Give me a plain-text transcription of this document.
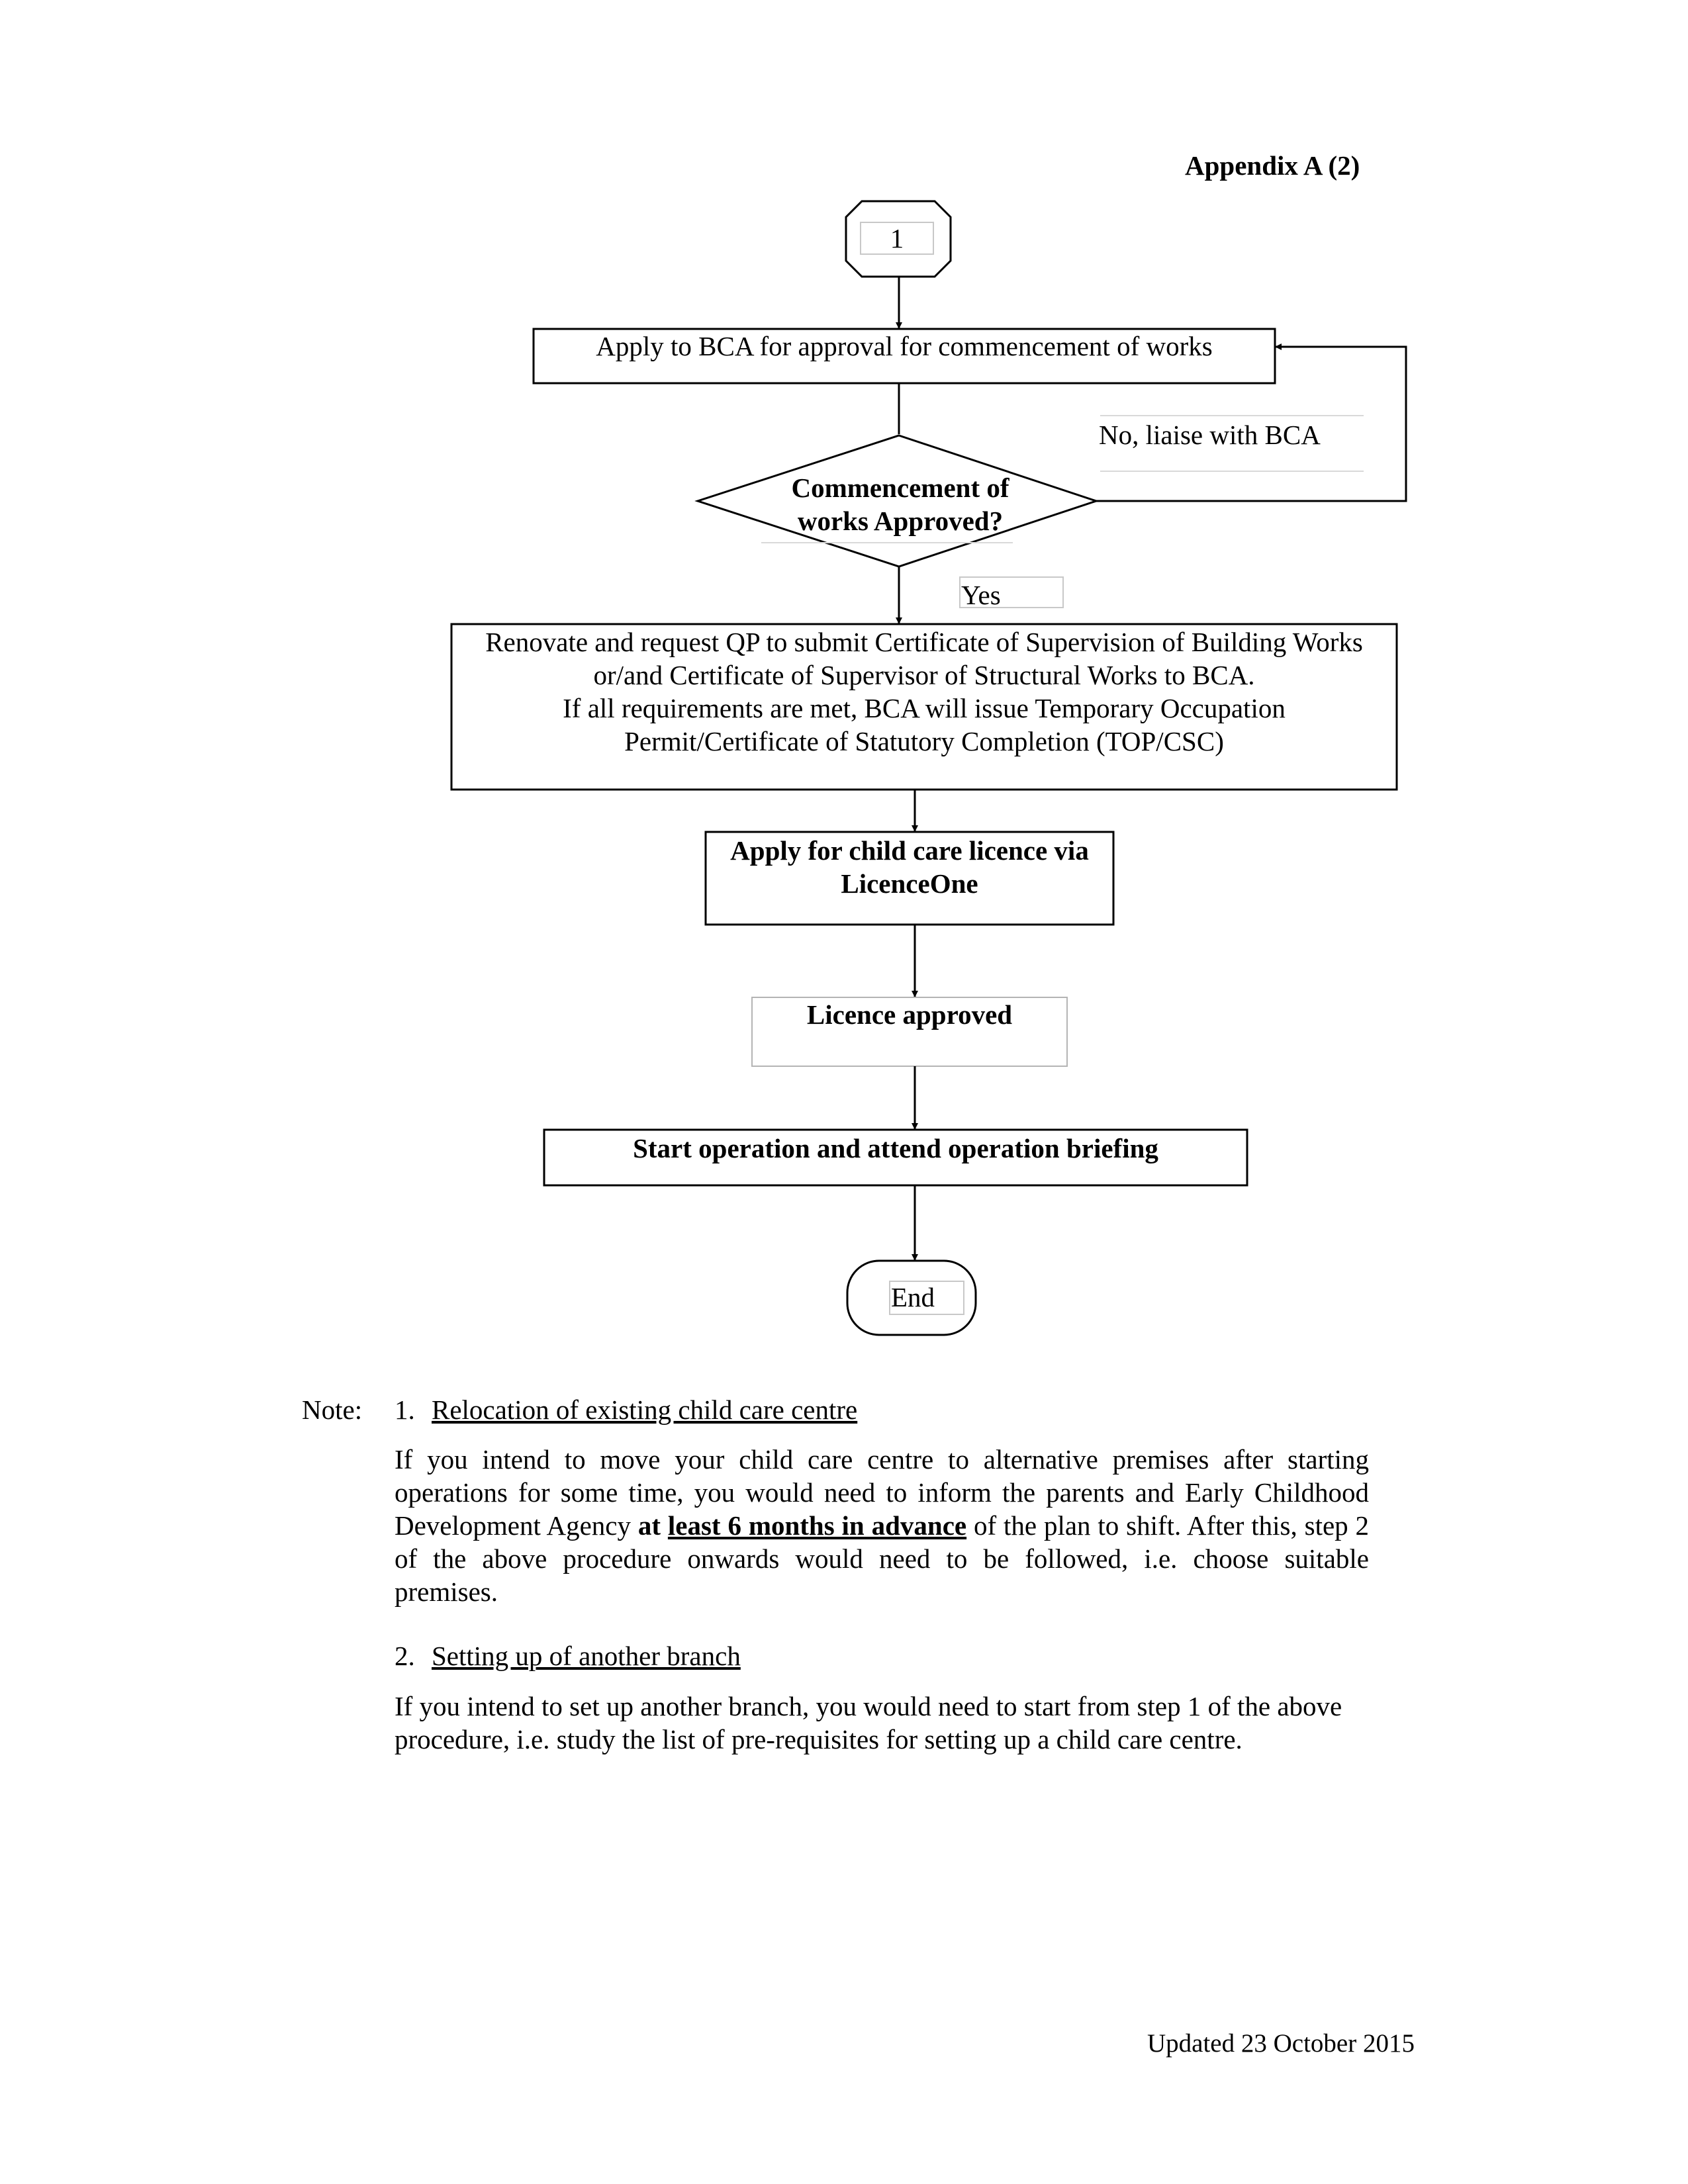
Appendix A (2)
1
Apply to BCA for approval for commencement of works
Commencement of
works Approved?
No, liaise with BCA
Yes
Renovate and request QP to submit Certificate of Supervision of Building Works
or/and Certificate of Supervisor of Structural Works to BCA.
If all requirements are met, BCA will issue Temporary Occupation
Permit/Certificate of Statutory Completion (TOP/CSC)
Apply for child care licence via
LicenceOne
Licence approved
Start operation and attend operation briefing
End
Note: 1. Relocation of existing child care centre
If you intend to move your child care centre to alternative premises after starting operations for some time, you would need to inform the parents and Early Childhood Development Agency at least 6 months in advance of the plan to shift. After this, step 2 of the above procedure onwards would need to be followed, i.e. choose suitable premises.
2. Setting up of another branch
If you intend to set up another branch, you would need to start from step 1 of the above procedure, i.e. study the list of pre-requisites for setting up a child care centre.
Updated 23 October 2015
